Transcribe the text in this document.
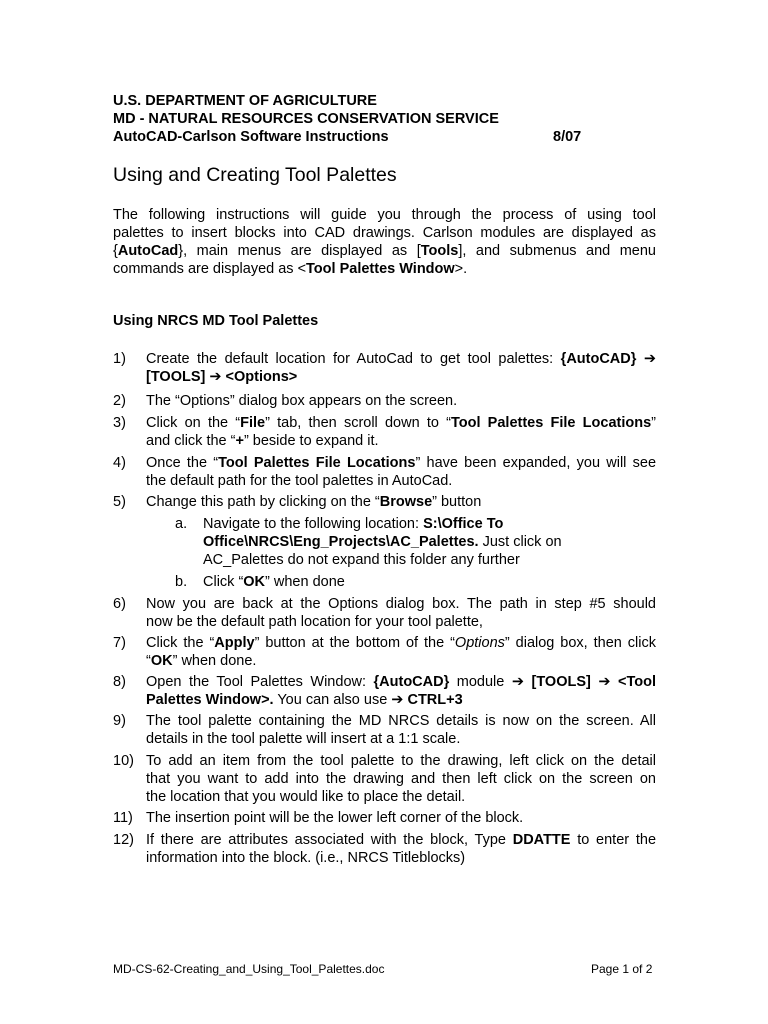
U.S. DEPARTMENT OF AGRICULTURE
MD - NATURAL RESOURCES CONSERVATION SERVICE
AutoCAD-Carlson Software Instructions	8/07
Using and Creating Tool Palettes
The following instructions will guide you through the process of using tool
palettes to insert blocks into CAD drawings. Carlson modules are displayed as
{AutoCad}, main menus are displayed as [Tools], and submenus and menu
commands are displayed as <Tool Palettes Window>.
Using NRCS MD Tool Palettes
1) Create the default location for AutoCad to get tool palettes: {AutoCAD} ➔
[TOOLS] ➔ <Options>
2) The “Options” dialog box appears on the screen.
3) Click on the “File” tab, then scroll down to “Tool Palettes File Locations”
and click the “+” beside to expand it.
4) Once the “Tool Palettes File Locations” have been expanded, you will see
the default path for the tool palettes in AutoCad.
5) Change this path by clicking on the “Browse” button
a. Navigate to the following location: S:\Office To
Office\NRCS\Eng_Projects\AC_Palettes. Just click on
AC_Palettes do not expand this folder any further
b. Click “OK” when done
6) Now you are back at the Options dialog box. The path in step #5 should
now be the default path location for your tool palette,
7) Click the “Apply” button at the bottom of the “Options” dialog box, then click
“OK” when done.
8) Open the Tool Palettes Window: {AutoCAD} module ➔ [TOOLS] ➔ <Tool
Palettes Window>. You can also use ➔ CTRL+3
9) The tool palette containing the MD NRCS details is now on the screen. All
details in the tool palette will insert at a 1:1 scale.
10) To add an item from the tool palette to the drawing, left click on the detail
that you want to add into the drawing and then left click on the screen on
the location that you would like to place the detail.
11) The insertion point will be the lower left corner of the block.
12) If there are attributes associated with the block, Type DDATTE to enter the
information into the block. (i.e., NRCS Titleblocks)
MD-CS-62-Creating_and_Using_Tool_Palettes.doc	Page 1 of 2
